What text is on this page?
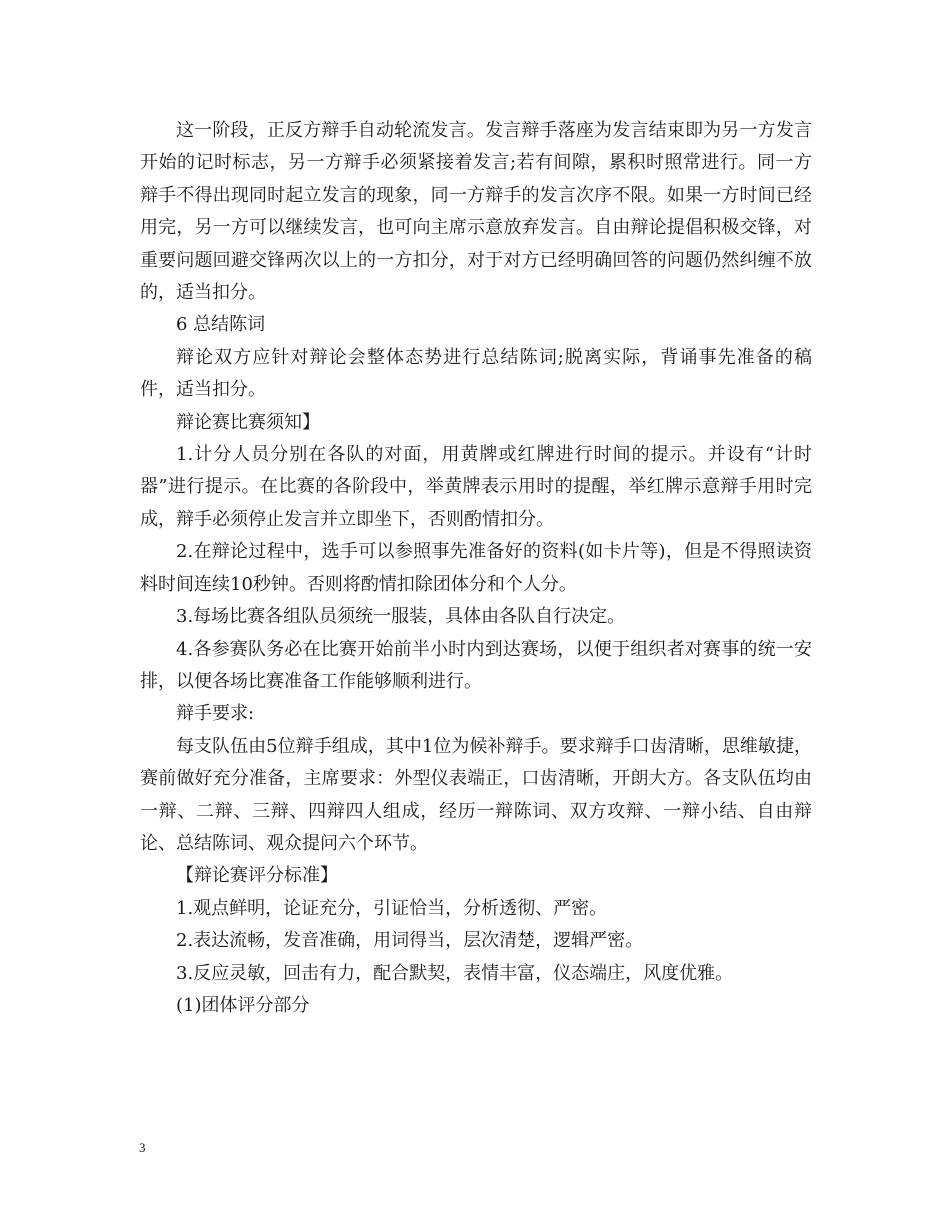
这一阶段，正反方辩手自动轮流发言。发言辩手落座为发言结束即为另一方发言开始的记时标志，另一方辩手必须紧接着发言;若有间隙，累积时照常进行。同一方辩手不得出现同时起立发言的现象，同一方辩手的发言次序不限。如果一方时间已经用完，另一方可以继续发言，也可向主席示意放弃发言。自由辩论提倡积极交锋，对重要问题回避交锋两次以上的一方扣分，对于对方已经明确回答的问题仍然纠缠不放的，适当扣分。

6 总结陈词

辩论双方应针对辩论会整体态势进行总结陈词;脱离实际，背诵事先准备的稿件，适当扣分。

辩论赛比赛须知】

1.计分人员分别在各队的对面，用黄牌或红牌进行时间的提示。并设有“计时器”进行提示。在比赛的各阶段中，举黄牌表示用时的提醒，举红牌示意辩手用时完成，辩手必须停止发言并立即坐下，否则酌情扣分。

2.在辩论过程中，选手可以参照事先准备好的资料(如卡片等)，但是不得照读资料时间连续10秒钟。否则将酌情扣除团体分和个人分。

3.每场比赛各组队员须统一服装，具体由各队自行决定。

4.各参赛队务必在比赛开始前半小时内到达赛场，以便于组织者对赛事的统一安排，以便各场比赛准备工作能够顺利进行。

辩手要求:

每支队伍由5位辩手组成，其中1位为候补辩手。要求辩手口齿清晰，思维敏捷，赛前做好充分准备，主席要求：外型仪表端正，口齿清晰，开朗大方。各支队伍均由一辩、二辩、三辩、四辩四人组成，经历一辩陈词、双方攻辩、一辩小结、自由辩论、总结陈词、观众提问六个环节。

【辩论赛评分标准】

1.观点鲜明，论证充分，引证恰当，分析透彻、严密。

2.表达流畅，发音准确，用词得当，层次清楚，逻辑严密。

3.反应灵敏，回击有力，配合默契，表情丰富，仪态端庄，风度优雅。

(1)团体评分部分

3
